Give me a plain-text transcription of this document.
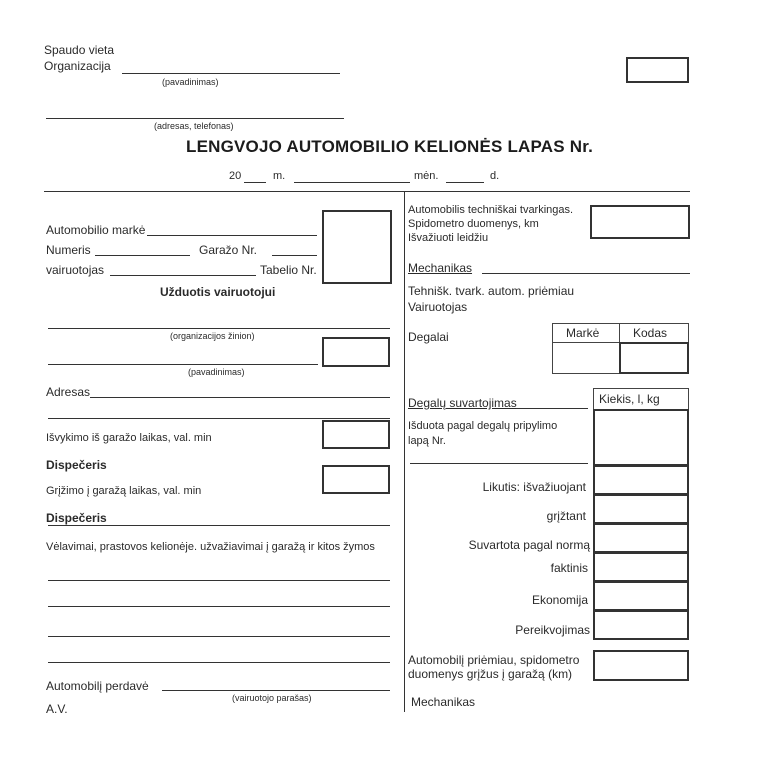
Spaudo vieta
Organizacija
(pavadinimas)
(adresas, telefonas)
LENGVOJO AUTOMOBILIO KELIONĖS LAPAS Nr.
20	m.	mėn.	d.
Automobilio markė
Numeris	Garažo Nr.
vairuotojas	Tabelio Nr.
Užduotis vairuotojui
(organizacijos žinion)
(pavadinimas)
Adresas
Išvykimo iš garažo laikas, val. min
Dispečeris
Grįžimo į garažą laikas, val. min
Dispečeris
Vėlavimai, prastovos kelionėje. užvažiavimai į garažą ir kitos žymos
Automobilį perdavė
(vairuotojo parašas)
A.V.
Automobilis techniškai tvarkingas.
Spidometro duomenys, km
Išvažiuoti leidžiu
Mechanikas
Tehnišk. tvark. autom. priėmiau
Vairuotojas
Degalai	Markė	Kodas
Degalų suvartojimas	Kiekis, l, kg
Išduota pagal degalų pripylimo
lapą Nr.
Likutis: išvažiuojant
grįžtant
Suvartota pagal normą
faktinis
Ekonomija
Pereikvojimas
Automobilį priėmiau, spidometro
duomenys grįžus į garažą (km)
Mechanikas
